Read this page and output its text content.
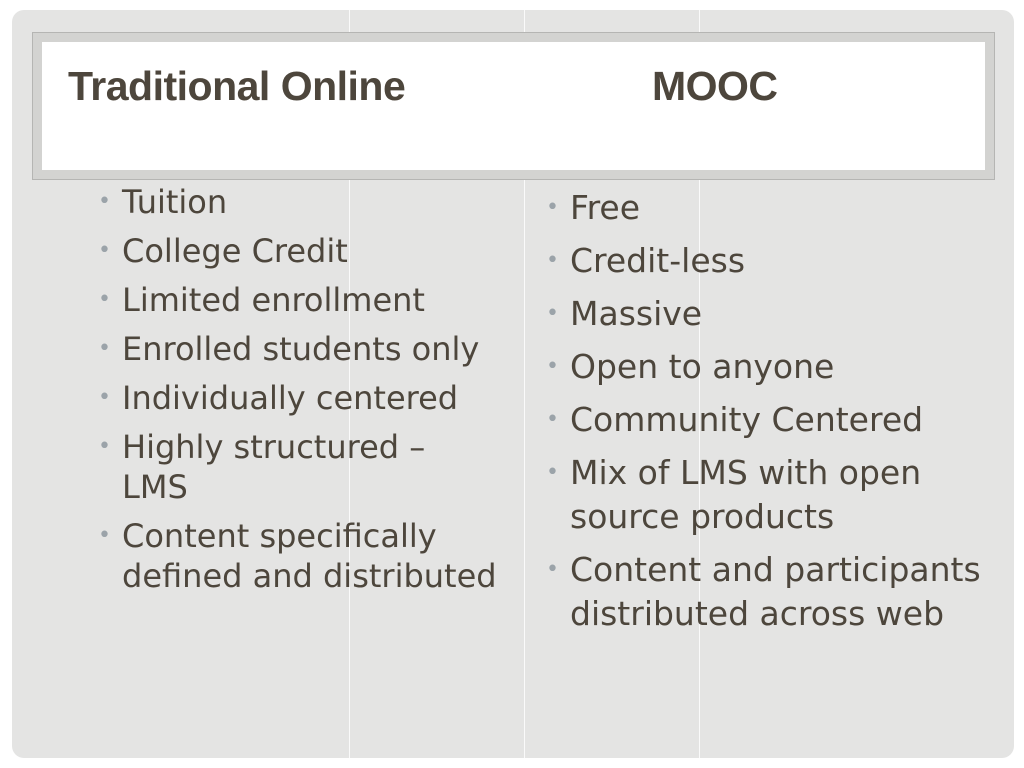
Traditional Online	MOOC
• Tuition
• College Credit
• Limited enrollment
• Enrolled students only
• Individually centered
• Highly structured – LMS
• Content specifically defined and distributed
• Free
• Credit-less
• Massive
• Open to anyone
• Community Centered
• Mix of LMS with open source products
• Content and participants distributed across web
